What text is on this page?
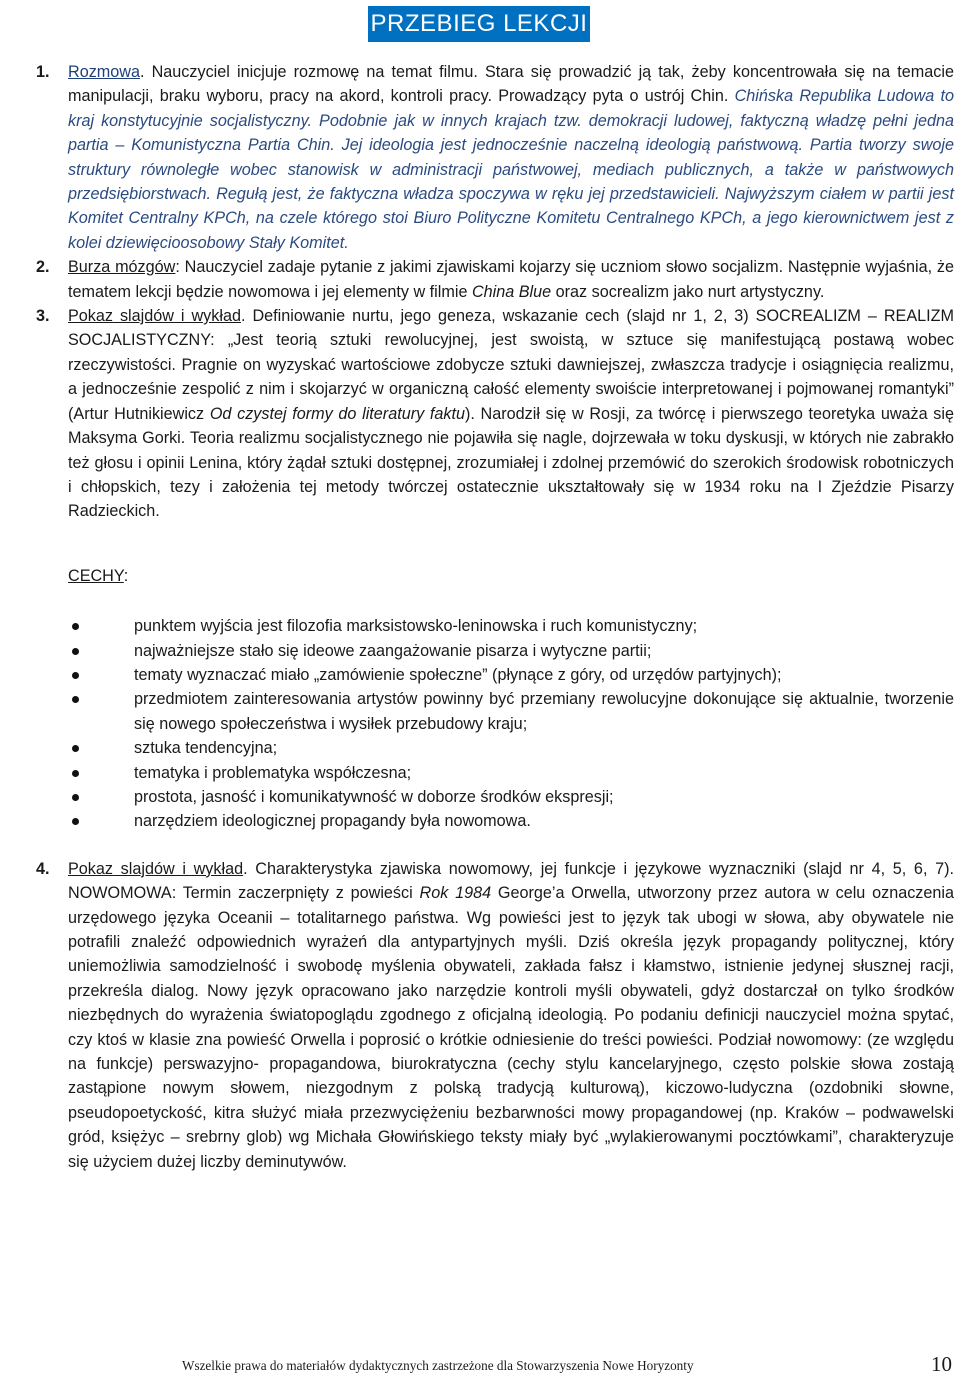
PRZEBIEG LEKCJI
1.	Rozmowa. Nauczyciel inicjuje rozmowę na temat filmu. Stara się prowadzić ją tak, żeby koncentrowała się na temacie manipulacji, braku wyboru, pracy na akord, kontroli pracy. Prowadzący pyta o ustrój Chin. Chińska Republika Ludowa to kraj konstytucyjnie socjalistyczny. Podobnie jak w innych krajach tzw. demokracji ludowej, faktyczną władzę pełni jedna partia – Komunistyczna Partia Chin. Jej ideologia jest jednocześnie naczelną ideologią państwową. Partia tworzy swoje struktury równoległe wobec stanowisk w administracji państwowej, mediach publicznych, a także w państwowych przedsiębiorstwach. Regułą jest, że faktyczna władza spoczywa w ręku jej przedstawicieli. Najwyższym ciałem w partii jest Komitet Centralny KPCh, na czele którego stoi Biuro Polityczne Komitetu Centralnego KPCh, a jego kierownictwem jest z kolei dziewięcioosobowy Stały Komitet.
2.	Burza mózgów: Nauczyciel zadaje pytanie z jakimi zjawiskami kojarzy się uczniom słowo socjalizm. Następnie wyjaśnia, że tematem lekcji będzie nowomowa i jej elementy w filmie China Blue oraz socrealizm jako nurt artystyczny.
3.	Pokaz slajdów i wykład. Definiowanie nurtu, jego geneza, wskazanie cech (slajd nr 1, 2, 3) SOCREALIZM – REALIZM SOCJALISTYCZNY: „Jest teorią sztuki rewolucyjnej, jest swoistą, w sztuce się manifestującą postawą wobec rzeczywistości. Pragnie on wyzyskać wartościowe zdobycze sztuki dawniejszej, zwłaszcza tradycje i osiągnięcia realizmu, a jednocześnie zespolić z nim i skojarzyć w organiczną całość elementy swoiście interpretowanej i pojmowanej romantyki” (Artur Hutnikiewicz Od czystej formy do literatury faktu). Narodził się w Rosji, za twórcę i pierwszego teoretyka uważa się Maksyma Gorki. Teoria realizmu socjalistycznego nie pojawiła się nagle, dojrzewała w toku dyskusji, w których nie zabrakło też głosu i opinii Lenina, który żądał sztuki dostępnej, zrozumiałej i zdolnej przemówić do szerokich środowisk robotniczych i chłopskich, tezy i założenia tej metody twórczej ostatecznie ukształtowały się w 1934 roku na I Zjeździe Pisarzy Radzieckich.
CECHY:
punktem wyjścia jest filozofia marksistowsko-leninowska i ruch komunistyczny;
najważniejsze stało się ideowe zaangażowanie pisarza i wytyczne partii;
tematy wyznaczać miało „zamówienie społeczne” (płynące z góry, od urzędów partyjnych);
przedmiotem zainteresowania artystów powinny być przemiany rewolucyjne dokonujące się aktualnie, tworzenie się nowego społeczeństwa i wysiłek przebudowy kraju;
sztuka tendencyjna;
tematyka i problematyka współczesna;
prostota, jasność i komunikatywność w doborze środków ekspresji;
narzędziem ideologicznej propagandy była nowomowa.
4.	Pokaz slajdów i wykład. Charakterystyka zjawiska nowomowy, jej funkcje i językowe wyznaczniki (slajd nr 4, 5, 6, 7). NOWOMOWA: Termin zaczerpnięty z powieści Rok 1984 George’a Orwella, utworzony przez autora w celu oznaczenia urzędowego języka Oceanii – totalitarnego państwa. Wg powieści jest to język tak ubogi w słowa, aby obywatele nie potrafili znaleźć odpowiednich wyrażeń dla antypartyjnych myśli. Dziś określa język propagandy politycznej, który uniemożliwia samodzielność i swobodę myślenia obywateli, zakłada fałsz i kłamstwo, istnienie jedynej słusznej racji, przekreśla dialog. Nowy język opracowano jako narzędzie kontroli myśli obywateli, gdyż dostarczał on tylko środków niezbędnych do wyrażenia światopoglądu zgodnego z oficjalną ideologią. Po podaniu definicji nauczyciel można spytać, czy ktoś w klasie zna powieść Orwella i poprosić o krótkie odniesienie do treści powieści. Podział nowomowy: (ze względu na funkcje) perswazyjno- propagandowa, biurokratyczna (cechy stylu kancelaryjnego, często polskie słowa zostają zastąpione nowym słowem, niezgodnym z polską tradycją kulturową), kiczowo-ludyczna (ozdobniki słowne, pseudopoetyckość, kitra służyć miała przezwyciężeniu bezbarwności mowy propagandowej (np. Kraków – podwawelski gród, księżyc – srebrny glob) wg Michała Głowińskiego teksty miały być „wylakierowanymi pocztówkami”, charakteryzuje się użyciem dużej liczby deminutywów.
Wszelkie prawa do materiałów dydaktycznych zastrzeżone dla Stowarzyszenia Nowe Horyzonty	10
